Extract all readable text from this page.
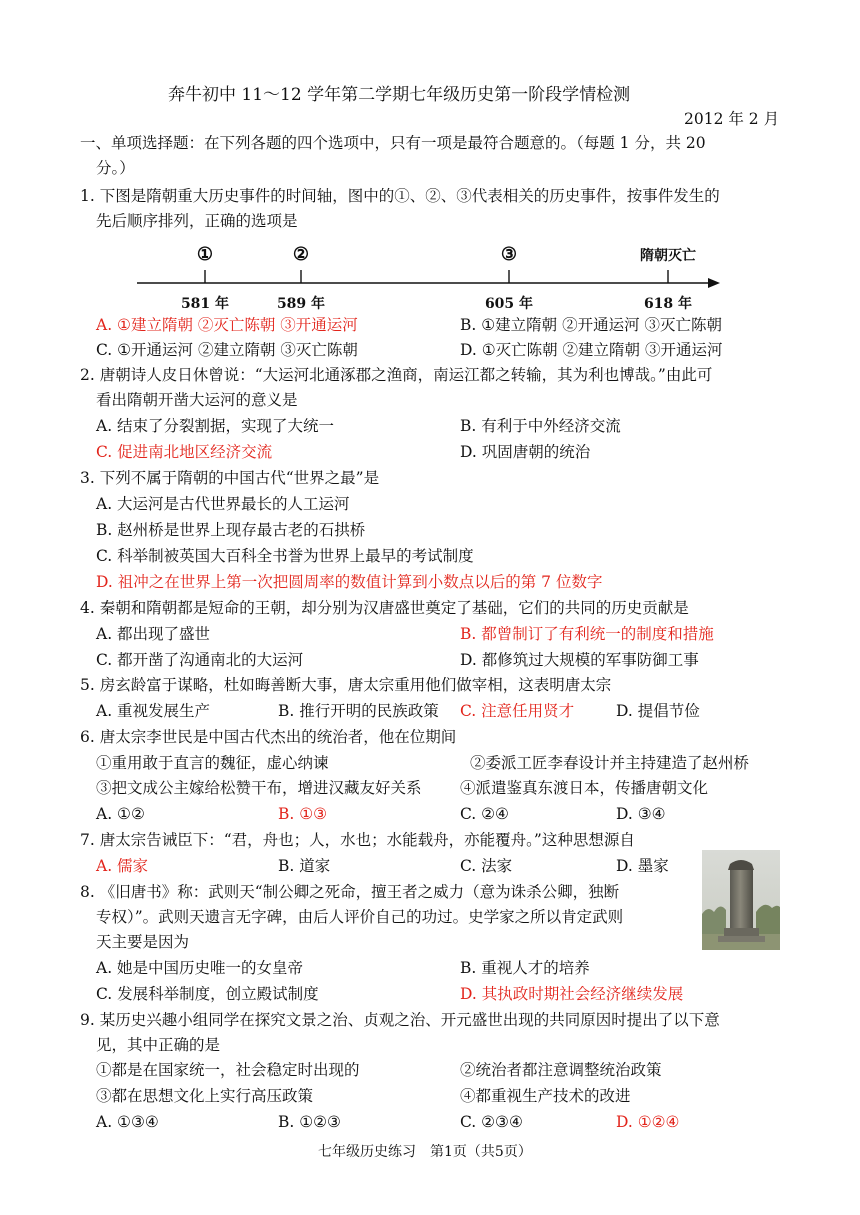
奔牛初中 11～12 学年第二学期七年级历史第一阶段学情检测
2012 年 2 月
一、单项选择题：在下列各题的四个选项中，只有一项是最符合题意的。（每题 1 分，共 20
分。）
1. 下图是隋朝重大历史事件的时间轴，图中的①、②、③代表相关的历史事件，按事件发生的
先后顺序排列，正确的选项是
①	②	③	隋朝灭亡
581 年	589 年	605 年	618 年
A. ①建立隋朝 ②灭亡陈朝 ③开通运河	B. ①建立隋朝 ②开通运河 ③灭亡陈朝
C. ①开通运河 ②建立隋朝 ③灭亡陈朝	D. ①灭亡陈朝 ②建立隋朝 ③开通运河
2. 唐朝诗人皮日休曾说：“大运河北通涿郡之渔商，南运江都之转输，其为利也博哉。”由此可
看出隋朝开凿大运河的意义是
A. 结束了分裂割据，实现了大统一	B. 有利于中外经济交流
C. 促进南北地区经济交流	D. 巩固唐朝的统治
3. 下列不属于隋朝的中国古代“世界之最”是
A. 大运河是古代世界最长的人工运河
B. 赵州桥是世界上现存最古老的石拱桥
C. 科举制被英国大百科全书誉为世界上最早的考试制度
D. 祖冲之在世界上第一次把圆周率的数值计算到小数点以后的第 7 位数字
4. 秦朝和隋朝都是短命的王朝，却分别为汉唐盛世奠定了基础，它们的共同的历史贡献是
A. 都出现了盛世	B. 都曾制订了有利统一的制度和措施
C. 都开凿了沟通南北的大运河	D. 都修筑过大规模的军事防御工事
5. 房玄龄富于谋略，杜如晦善断大事，唐太宗重用他们做宰相，这表明唐太宗
A. 重视发展生产	B. 推行开明的民族政策 C. 注意任用贤才	D. 提倡节俭
6. 唐太宗李世民是中国古代杰出的统治者，他在位期间
①重用敢于直言的魏征，虚心纳谏	②委派工匠李春设计并主持建造了赵州桥
③把文成公主嫁给松赞干布，增进汉藏友好关系 ④派遣鉴真东渡日本，传播唐朝文化
A. ①②	B. ①③	C. ②④	D. ③④
7. 唐太宗告诫臣下：“君，舟也；人，水也；水能载舟，亦能覆舟。”这种思想源自
A. 儒家	B. 道家	C. 法家	D. 墨家
8. 《旧唐书》称：武则天“制公卿之死命，擅王者之威力（意为诛杀公卿，独断
专权）”。武则天遗言无字碑，由后人评价自己的功过。史学家之所以肯定武则
天主要是因为
A. 她是中国历史唯一的女皇帝	B. 重视人才的培养
C. 发展科举制度，创立殿试制度	D. 其执政时期社会经济继续发展
9. 某历史兴趣小组同学在探究文景之治、贞观之治、开元盛世出现的共同原因时提出了以下意
见，其中正确的是
①都是在国家统一，社会稳定时出现的	②统治者都注意调整统治政策
③都在思想文化上实行高压政策	④都重视生产技术的改进
A. ①③④	B. ①②③	C. ②③④	D. ①②④
七年级历史练习　第1页（共5页）
